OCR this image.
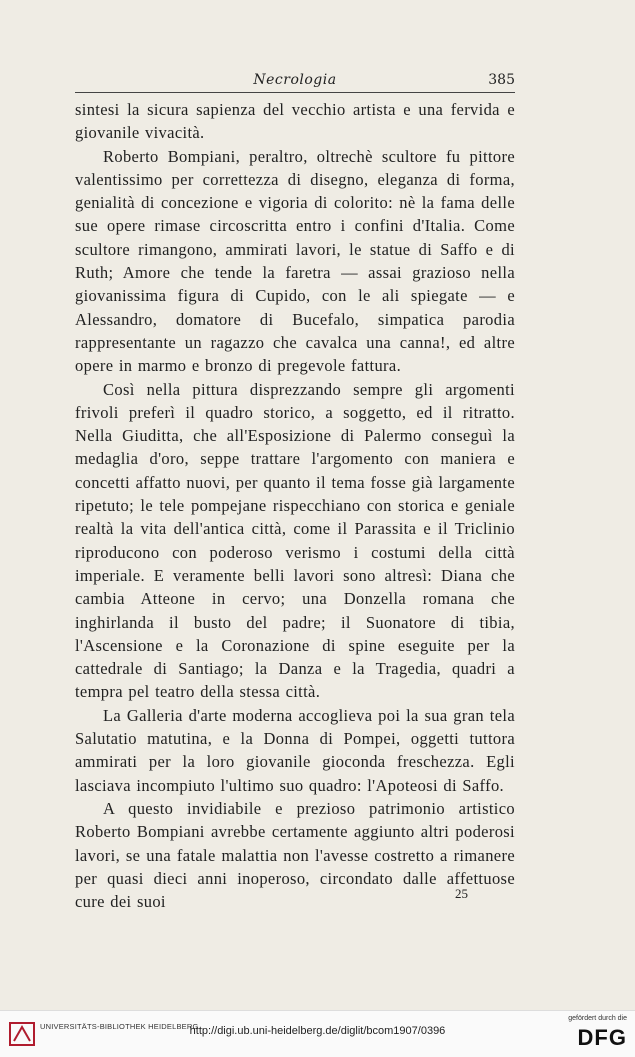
Necrologia	385

sintesi la sicura sapienza del vecchio artista e una fervida e giovanile vivacità.

Roberto Bompiani, peraltro, oltrechè scultore fu pittore valentissimo per correttezza di disegno, eleganza di forma, genialità di concezione e vigoria di colorito: nè la fama delle sue opere rimase circoscritta entro i confini d'Italia. Come scultore rimangono, ammirati lavori, le statue di Saffo e di Ruth; Amore che tende la faretra — assai grazioso nella giovanissima figura di Cupido, con le ali spiegate — e Alessandro, domatore di Bucefalo, simpatica parodia rappresentante un ragazzo che cavalca una canna!, ed altre opere in marmo e bronzo di pregevole fattura.

Così nella pittura disprezzando sempre gli argomenti frivoli preferì il quadro storico, a soggetto, ed il ritratto. Nella Giuditta, che all'Esposizione di Palermo conseguì la medaglia d'oro, seppe trattare l'argomento con maniera e concetti affatto nuovi, per quanto il tema fosse già largamente ripetuto; le tele pompejane rispecchiano con storica e geniale realtà la vita dell'antica città, come il Parassita e il Triclinio riproducono con poderoso verismo i costumi della città imperiale. E veramente belli lavori sono altresì: Diana che cambia Atteone in cervo; una Donzella romana che inghirlanda il busto del padre; il Suonatore di tibia, l'Ascensione e la Coronazione di spine eseguite per la cattedrale di Santiago; la Danza e la Tragedia, quadri a tempra pel teatro della stessa città.

La Galleria d'arte moderna accoglieva poi la sua gran tela Salutatio matutina, e la Donna di Pompei, oggetti tuttora ammirati per la loro giovanile gioconda freschezza. Egli lasciava incompiuto l'ultimo suo quadro: l'Apoteosi di Saffo.

A questo invidiabile e prezioso patrimonio artistico Roberto Bompiani avrebbe certamente aggiunto altri poderosi lavori, se una fatale malattia non l'avesse costretto a rimanere per quasi dieci anni inoperoso, circondato dalle affettuose cure dei suoi	25
UNIVERSITÄTS-BIBLIOTHEK HEIDELBERG
http://digi.ub.uni-heidelberg.de/diglit/bcom1907/0396
gefördert durch die
DFG
